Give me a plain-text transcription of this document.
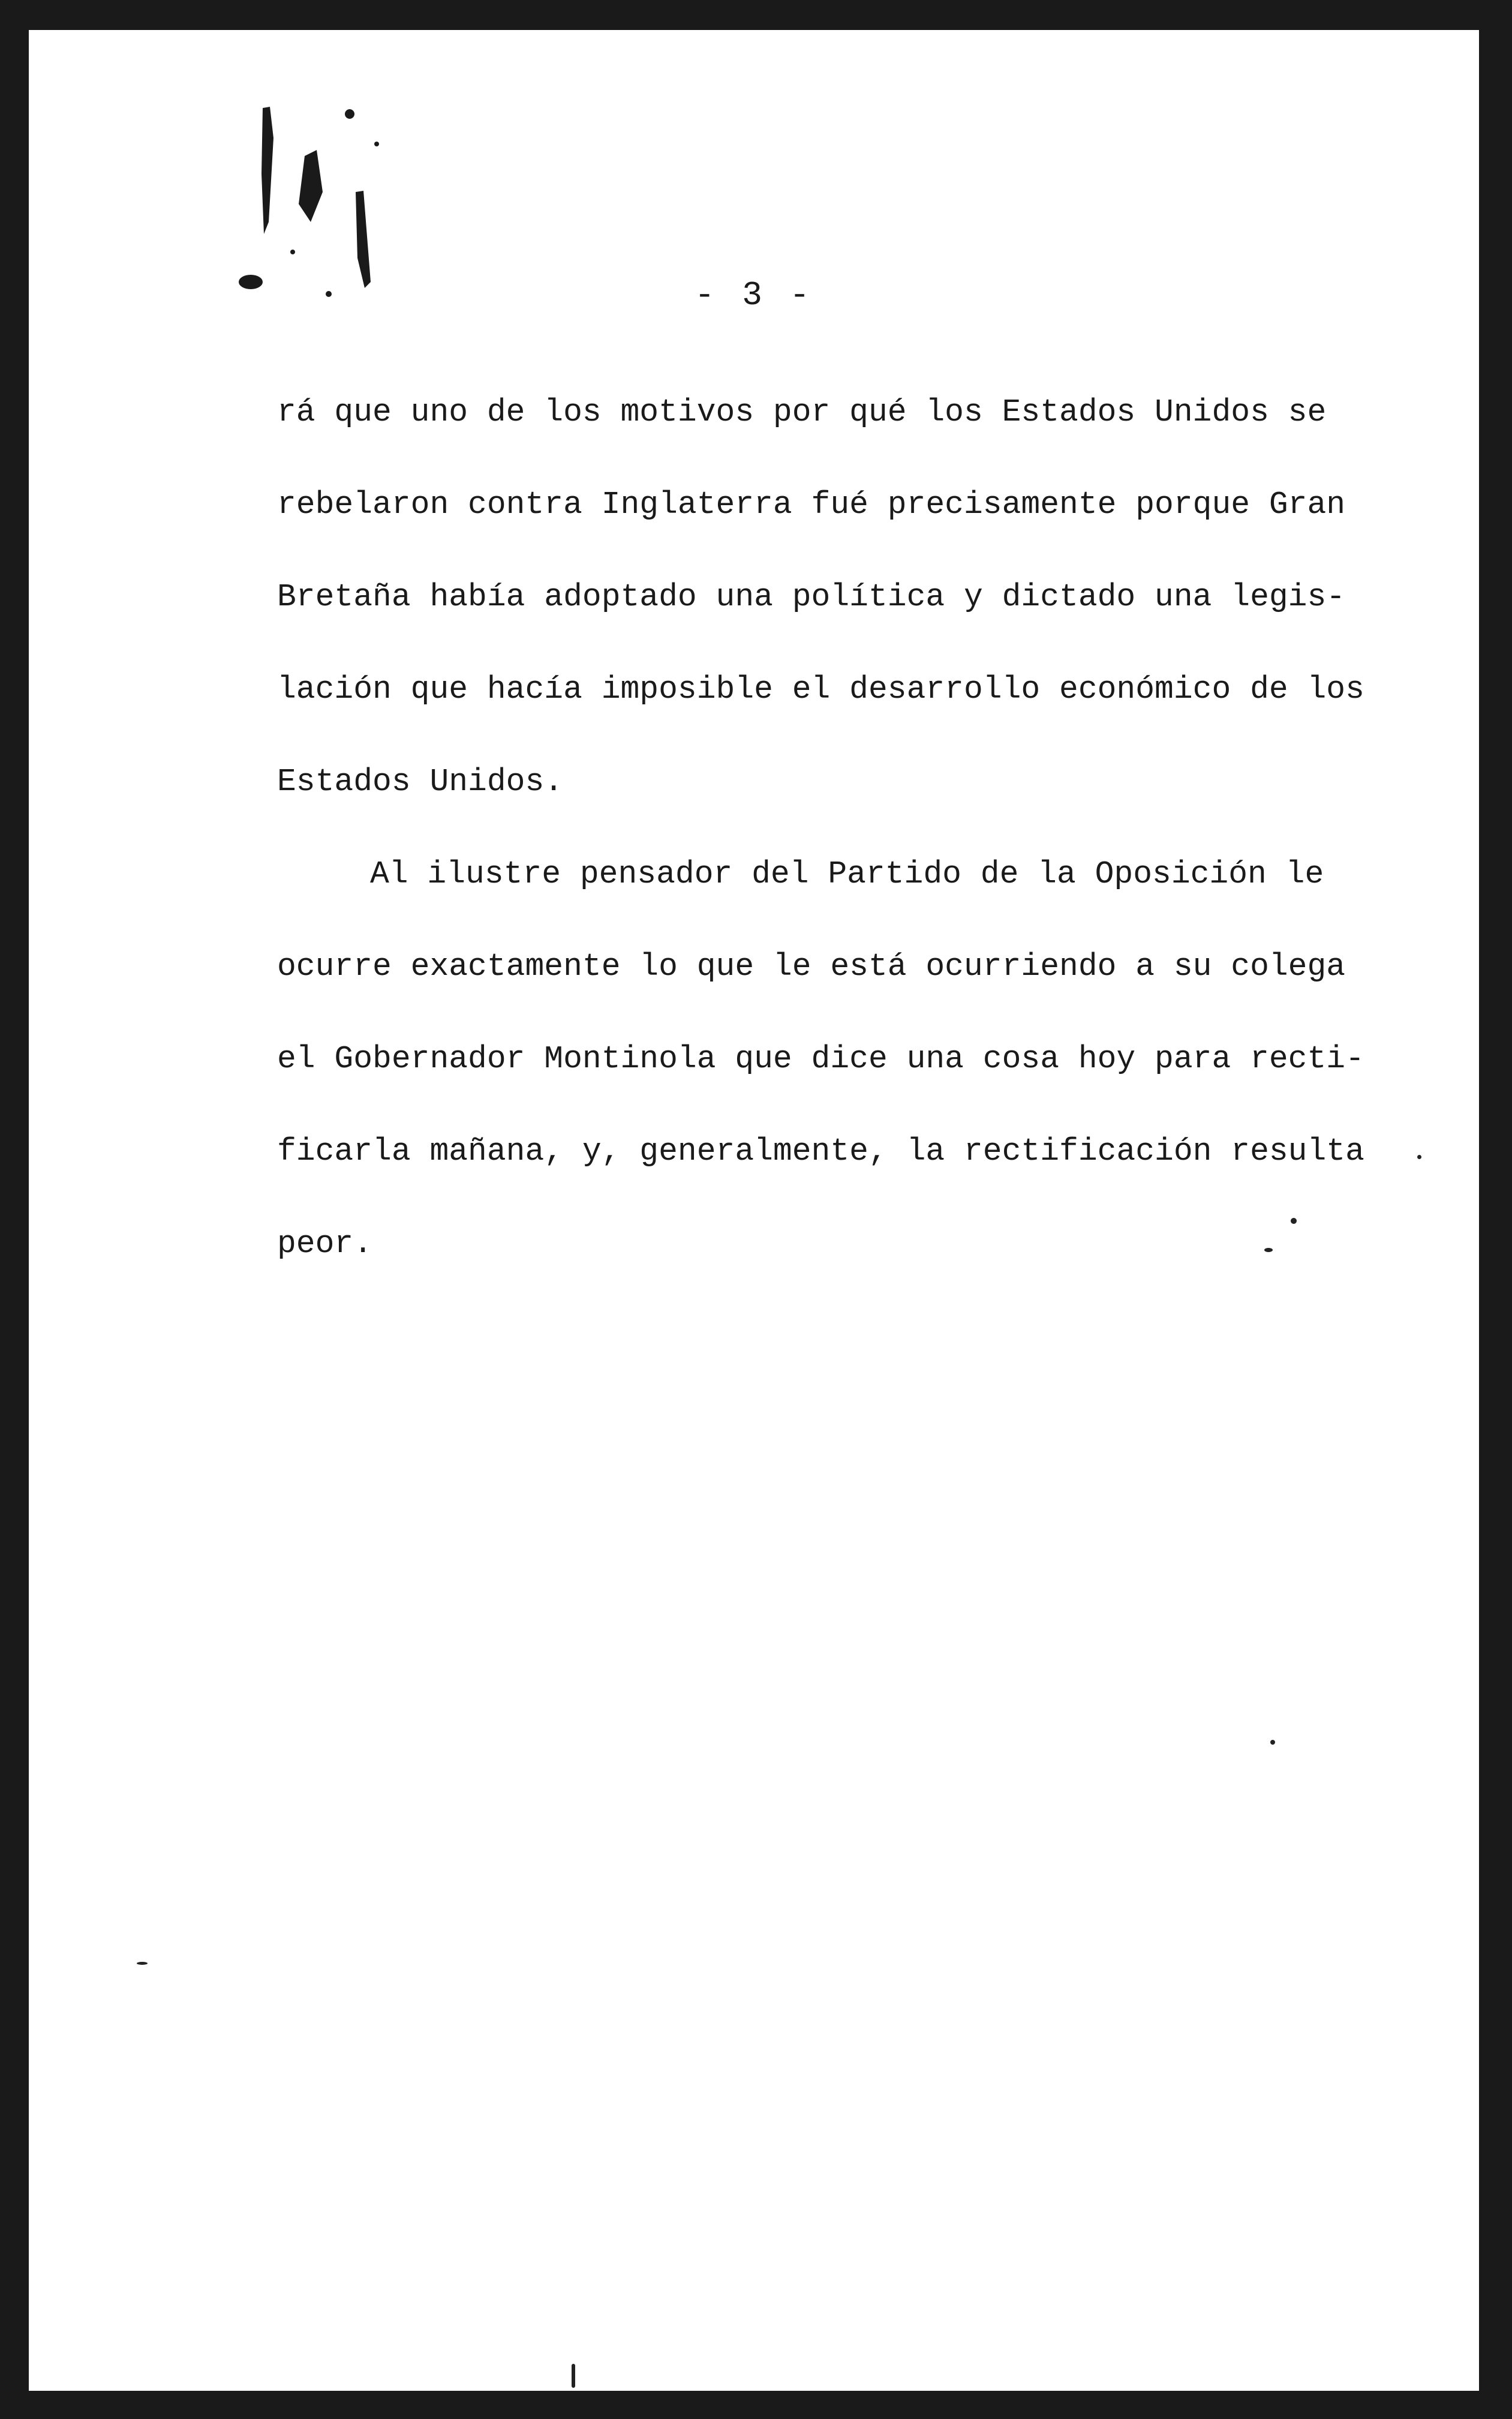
- 3 -
rá que uno de los motivos por qué los Estados Unidos se
rebelaron contra Inglaterra fué precisamente porque Gran
Bretaña había adoptado una política y dictado una legis-
lación que hacía imposible el desarrollo económico de los
Estados Unidos.
Al ilustre pensador del Partido de la Oposición le
ocurre exactamente lo que le está ocurriendo a su colega
el Gobernador Montinola que dice una cosa hoy para recti-
ficarla mañana, y, generalmente, la rectificación resulta
peor.
